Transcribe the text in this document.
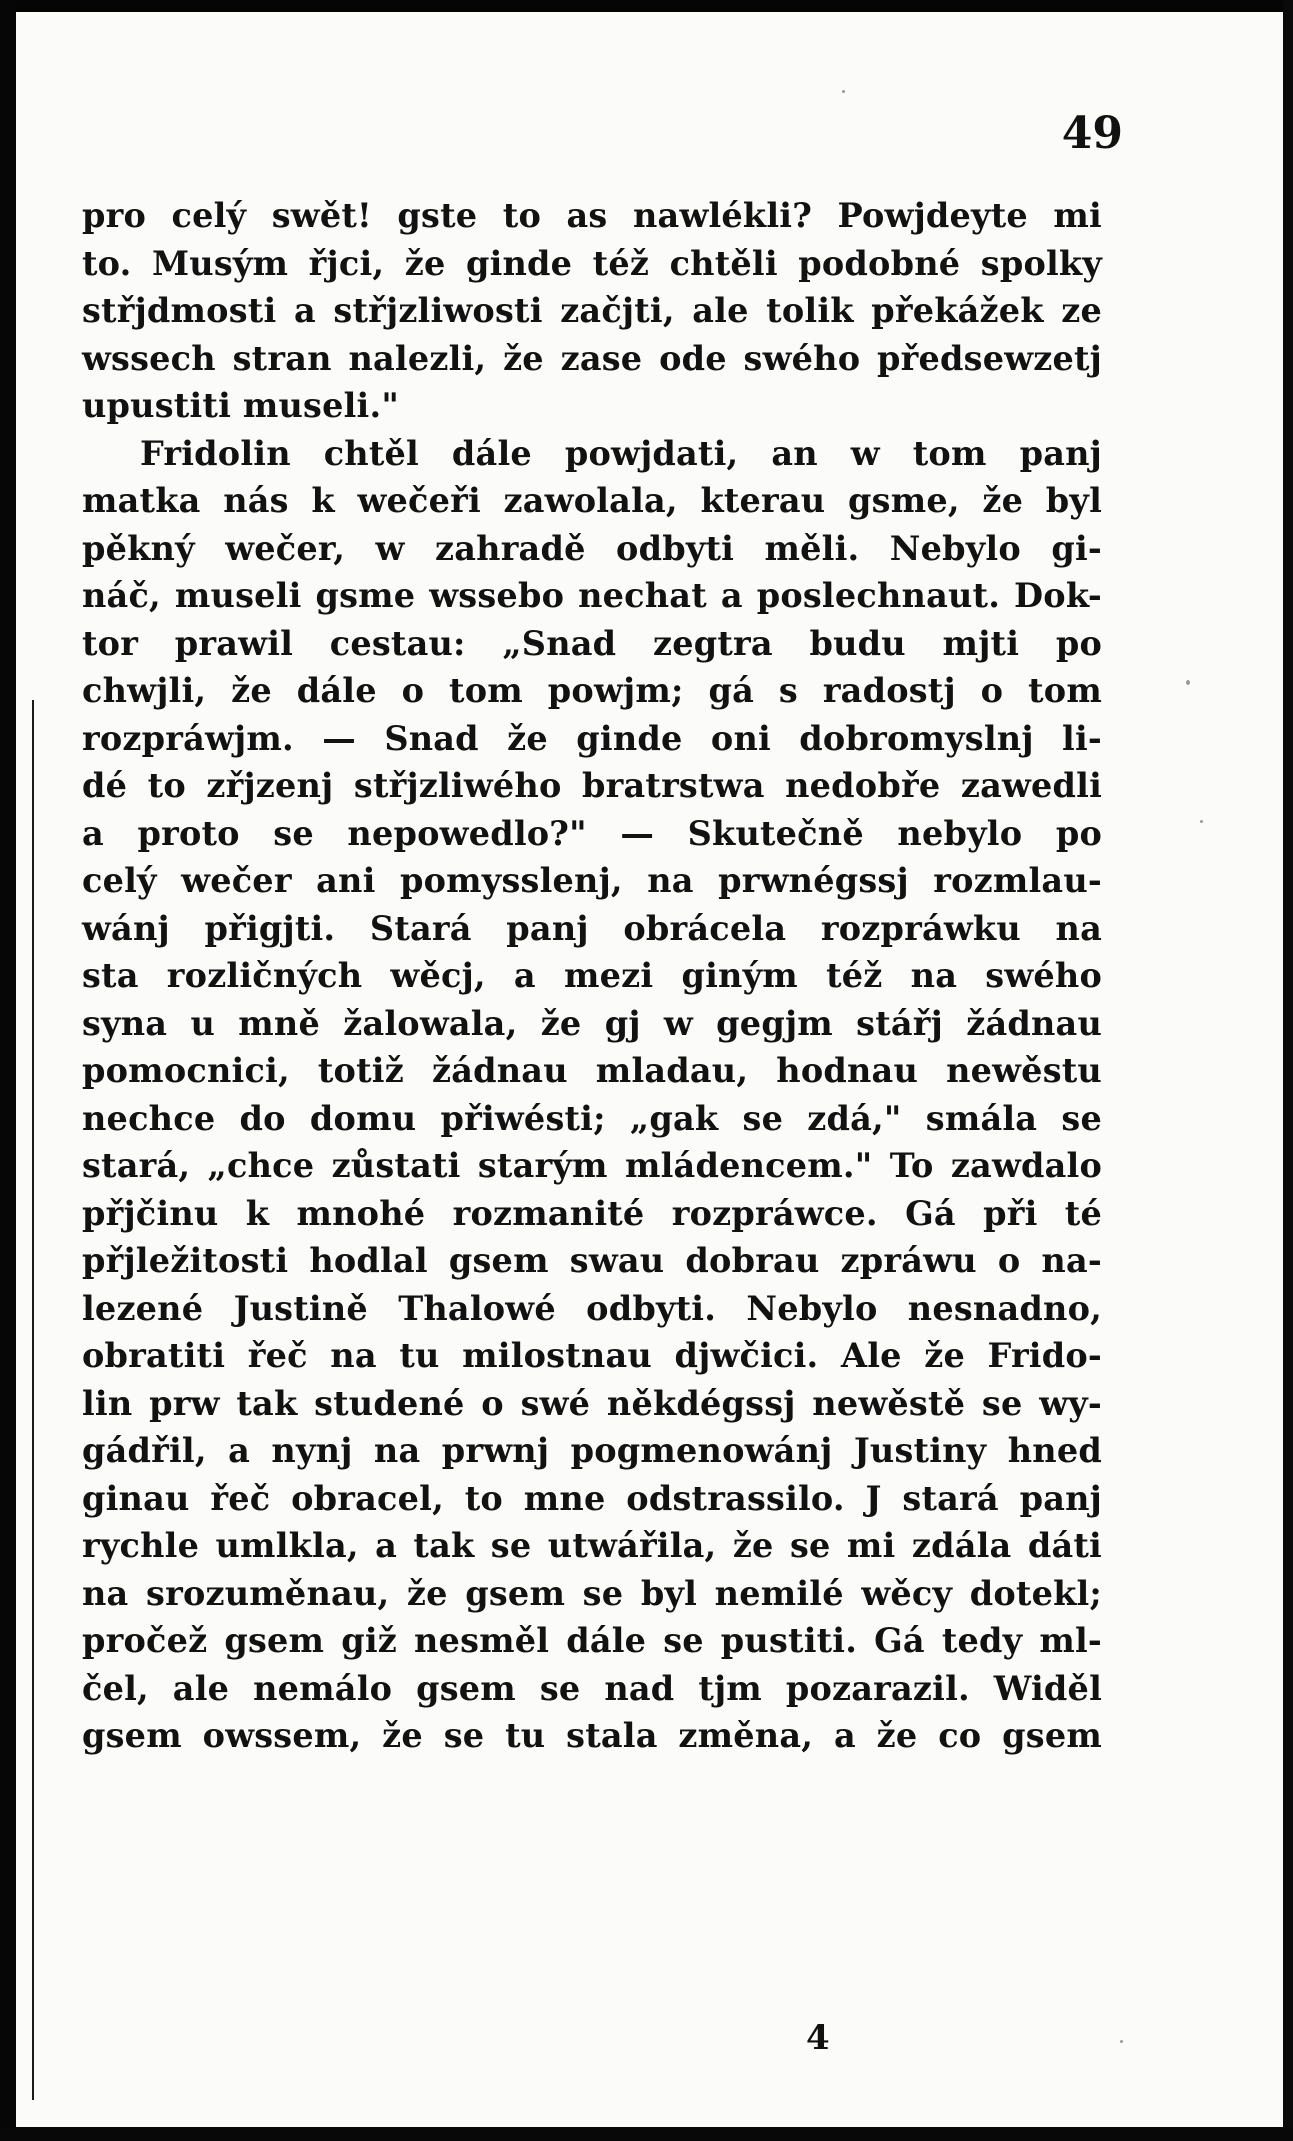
49
pro celý swět! gste to as nawlékli? Powjdeyte mi
to. Musým řjci, že ginde též chtěli podobné spolky
střjdmosti a střjzliwosti začjti, ale tolik překážek ze
wssech stran nalezli, že zase ode swého předsewzetj
upustiti museli."
Fridolin chtěl dále powjdati, an w tom panj
matka nás k wečeři zawolala, kterau gsme, že byl
pěkný wečer, w zahradě odbyti měli. Nebylo gi-
náč, museli gsme wssebo nechat a poslechnaut. Dok-
tor prawil cestau: „Snad zegtra budu mjti po
chwjli, že dále o tom powjm; gá s radostj o tom
rozpráwjm. — Snad že ginde oni dobromyslnj li-
dé to zřjzenj střjzliwého bratrstwa nedobře zawedli
a proto se nepowedlo?" — Skutečně nebylo po
celý wečer ani pomysslenj, na prwnégssj rozmlau-
wánj přigjti. Stará panj obrácela rozpráwku na
sta rozličných wěcj, a mezi giným též na swého
syna u mně žalowala, že gj w gegjm stářj žádnau
pomocnici, totiž žádnau mladau, hodnau newěstu
nechce do domu přiwésti; „gak se zdá," smála se
stará, „chce zůstati starým mládencem." To zawdalo
přjčinu k mnohé rozmanité rozpráwce. Gá při té
přjležitosti hodlal gsem swau dobrau zpráwu o na-
lezené Justině Thalowé odbyti. Nebylo nesnadno,
obratiti řeč na tu milostnau djwčici. Ale že Frido-
lin prw tak studené o swé někdégssj newěstě se wy-
gádřil, a nynj na prwnj pogmenowánj Justiny hned
ginau řeč obracel, to mne odstrassilo. J stará panj
rychle umlkla, a tak se utwářila, že se mi zdála dáti
na srozuměnau, že gsem se byl nemilé wěcy dotekl;
pročež gsem giž nesměl dále se pustiti. Gá tedy ml-
čel, ale nemálo gsem se nad tjm pozarazil. Widěl
gsem owssem, že se tu stala změna, a že co gsem
4
